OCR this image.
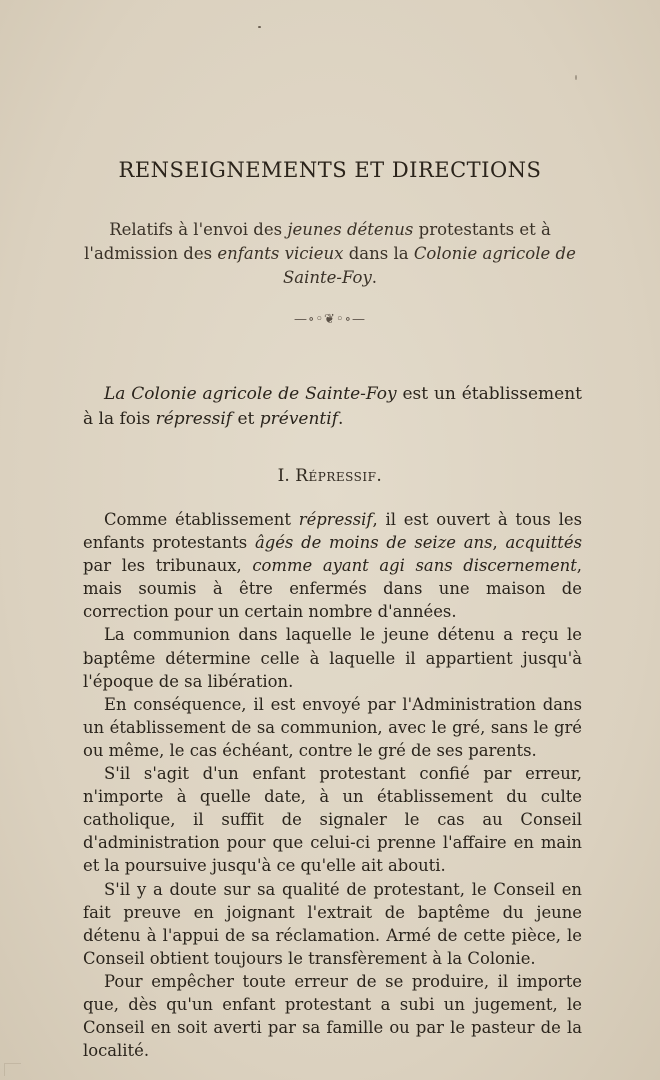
RENSEIGNEMENTS ET DIRECTIONS
Relatifs à l'envoi des jeunes détenus protestants et à l'admission des enfants vicieux dans la Colonie agricole de Sainte-Foy.
—∘◦❦◦∘—

La Colonie agricole de Sainte-Foy est un établissement à la fois répressif et préventif.

I. Répressif.

Comme établissement répressif, il est ouvert à tous les enfants protestants âgés de moins de seize ans, acquittés par les tribunaux, comme ayant agi sans discernement, mais soumis à être enfermés dans une maison de correction pour un certain nombre d'années.

La communion dans laquelle le jeune détenu a reçu le baptême détermine celle à laquelle il appartient jusqu'à l'époque de sa libération.

En conséquence, il est envoyé par l'Administration dans un établissement de sa communion, avec le gré, sans le gré ou même, le cas échéant, contre le gré de ses parents.

S'il s'agit d'un enfant protestant confié par erreur, n'importe à quelle date, à un établissement du culte catholique, il suffit de signaler le cas au Conseil d'administration pour que celui-ci prenne l'affaire en main et la poursuive jusqu'à ce qu'elle ait abouti.

S'il y a doute sur sa qualité de protestant, le Conseil en fait preuve en joignant l'extrait de baptême du jeune détenu à l'appui de sa réclamation. Armé de cette pièce, le Conseil obtient toujours le transfèrement à la Colonie.

Pour empêcher toute erreur de se produire, il importe que, dès qu'un enfant protestant a subi un jugement, le Conseil en soit averti par sa famille ou par le pasteur de la localité.
